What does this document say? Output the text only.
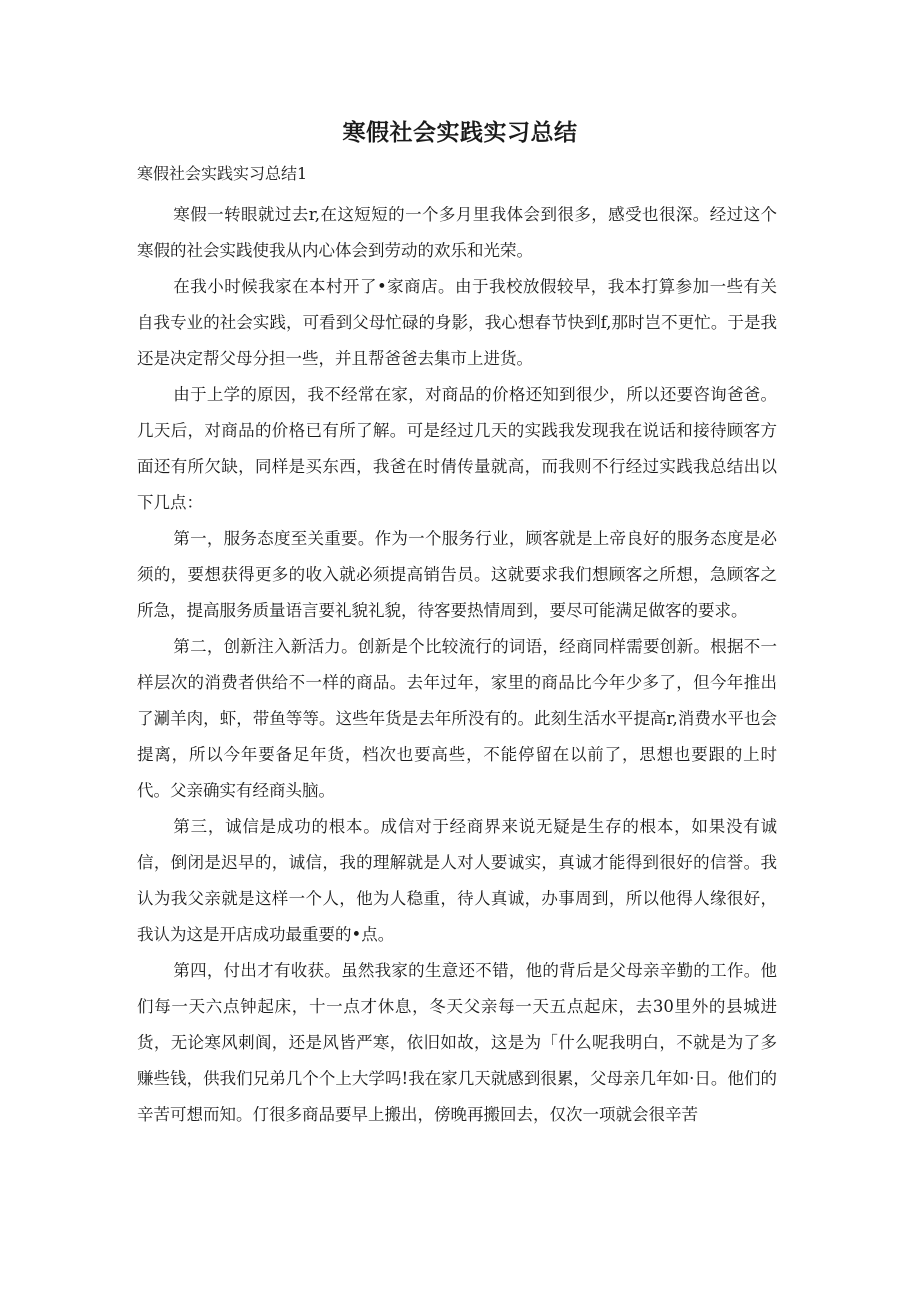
寒假社会实践实习总结

寒假社会实践实习总结1

寒假一转眼就过去r,在这短短的一个多月里我体会到很多，感受也很深。经过这个寒假的社会实践使我从内心体会到劳动的欢乐和光荣。

在我小时候我家在本村开了•家商店。由于我校放假较早，我本打算参加一些有关自我专业的社会实践，可看到父母忙碌的身影，我心想春节快到f,那时岂不更忙。于是我还是决定帮父母分担一些，并且帮爸爸去集市上进货。

由于上学的原因，我不经常在家，对商品的价格还知到很少，所以还要咨询爸爸。几天后，对商品的价格已有所了解。可是经过几天的实践我发现我在说话和接待顾客方面还有所欠缺，同样是买东西，我爸在时倩传量就高，而我则不行经过实践我总结出以下几点：

第一，服务态度至关重要。作为一个服务行业，顾客就是上帝良好的服务态度是必须的，要想获得更多的收入就必须提高销告员。这就要求我们想顾客之所想，急顾客之所急，提高服务质量语言要礼貌礼貌，待客要热情周到，要尽可能满足做客的要求。

第二，创新注入新活力。创新是个比较流行的词语，经商同样需要创新。根据不一样层次的消费者供给不一样的商品。去年过年，家里的商品比今年少多了，但今年推出了涮羊肉，虾，带鱼等等。这些年货是去年所没有的。此刻生活水平提高r,消费水平也会提离，所以今年要备足年货，档次也要高些，不能停留在以前了，思想也要跟的上时代。父亲确实有经商头脑。

第三，诚信是成功的根本。成信对于经商界来说无疑是生存的根本，如果没有诚信，倒闭是迟早的，诚信，我的理解就是人对人要诚实，真诚才能得到很好的信誉。我认为我父亲就是这样一个人，他为人稳重，待人真诚，办事周到，所以他得人缘很好，我认为这是开店成功最重要的•点。

第四，付出才有收获。虽然我家的生意还不错，他的背后是父母亲辛勤的工作。他们每一天六点钟起床，十一点才休息，冬天父亲每一天五点起床，去30里外的县城进货，无论寒风刺阆，还是风皆严寒，依旧如故，这是为「什么呢我明白，不就是为了多赚些钱，供我们兄弟几个个上大学吗!我在家几天就感到很累，父母亲几年如·日。他们的辛苦可想而知。仃很多商品要早上搬出，傍晚再搬回去，仅次一项就会很辛苦
